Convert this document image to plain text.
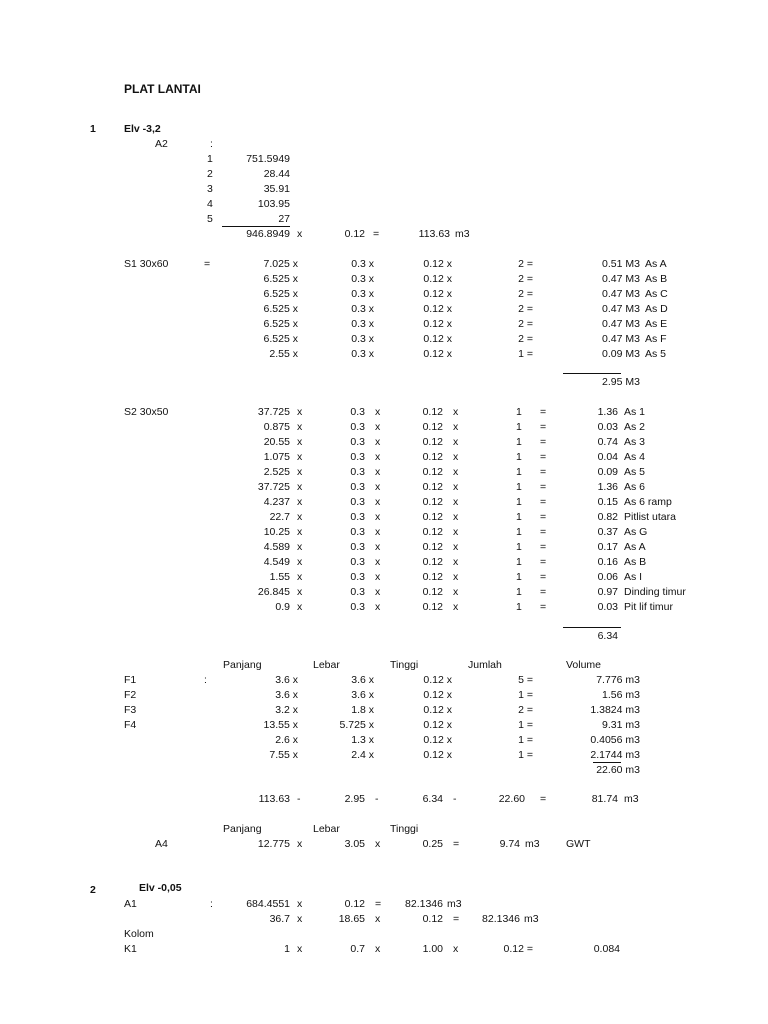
PLAT LANTAI
1	Elv -3,2
A2	:
1	751.5949
2	28.44
3	35.91
4	103.95
5	27
946.8949 x	0.12 =	113.63 m3
S1 30x60	=	7.025 x	0.3 x	0.12 x	2 =	0.51 M3 As A
6.525 x	0.3 x	0.12 x	2 =	0.47 M3 As B
6.525 x	0.3 x	0.12 x	2 =	0.47 M3 As C
6.525 x	0.3 x	0.12 x	2 =	0.47 M3 As D
6.525 x	0.3 x	0.12 x	2 =	0.47 M3 As E
6.525 x	0.3 x	0.12 x	2 =	0.47 M3 As F
2.55 x	0.3 x	0.12 x	1 =	0.09 M3 As 5
2.95 M3
S2 30x50	37.725 x	0.3 x	0.12 x	1 =	1.36 As 1
0.875 x	0.3 x	0.12 x	1 =	0.03 As 2
20.55 x	0.3 x	0.12 x	1 =	0.74 As 3
1.075 x	0.3 x	0.12 x	1 =	0.04 As 4
2.525 x	0.3 x	0.12 x	1 =	0.09 As 5
37.725 x	0.3 x	0.12 x	1 =	1.36 As 6
4.237 x	0.3 x	0.12 x	1 =	0.15 As 6 ramp
22.7 x	0.3 x	0.12 x	1 =	0.82 Pitlist utara
10.25 x	0.3 x	0.12 x	1 =	0.37 As G
4.589 x	0.3 x	0.12 x	1 =	0.17 As A
4.549 x	0.3 x	0.12 x	1 =	0.16 As B
1.55 x	0.3 x	0.12 x	1 =	0.06 As I
26.845 x	0.3 x	0.12 x	1 =	0.97 Dinding timur
0.9 x	0.3 x	0.12 x	1 =	0.03 Pit lif timur
6.34
Panjang	Lebar	Tinggi	Jumlah	Volume
:
F1	3.6 x	3.6 x	0.12 x	5 =	7.776 m3
F2	3.6 x	3.6 x	0.12 x	1 =	1.56 m3
F3	3.2 x	1.8 x	0.12 x	2 =	1.3824 m3
F4	13.55 x	5.725 x	0.12 x	1 =	9.31 m3
2.6 x	1.3 x	0.12 x	1 =	0.4056 m3
7.55 x	2.4 x	0.12 x	1 =	2.1744 m3
22.60 m3
113.63 -	2.95 -	6.34 -	22.60 =	81.74 m3
Panjang	Lebar	Tinggi
A4	12.775 x	3.05 x	0.25 =	9.74 m3	GWT
2	Elv -0,05
A1	:	684.4551 x	0.12 =	82.1346 m3
36.7 x	18.65 x	0.12 =	82.1346 m3
Kolom
K1	1 x	0.7 x	1.00 x	0.12 =	0.084
